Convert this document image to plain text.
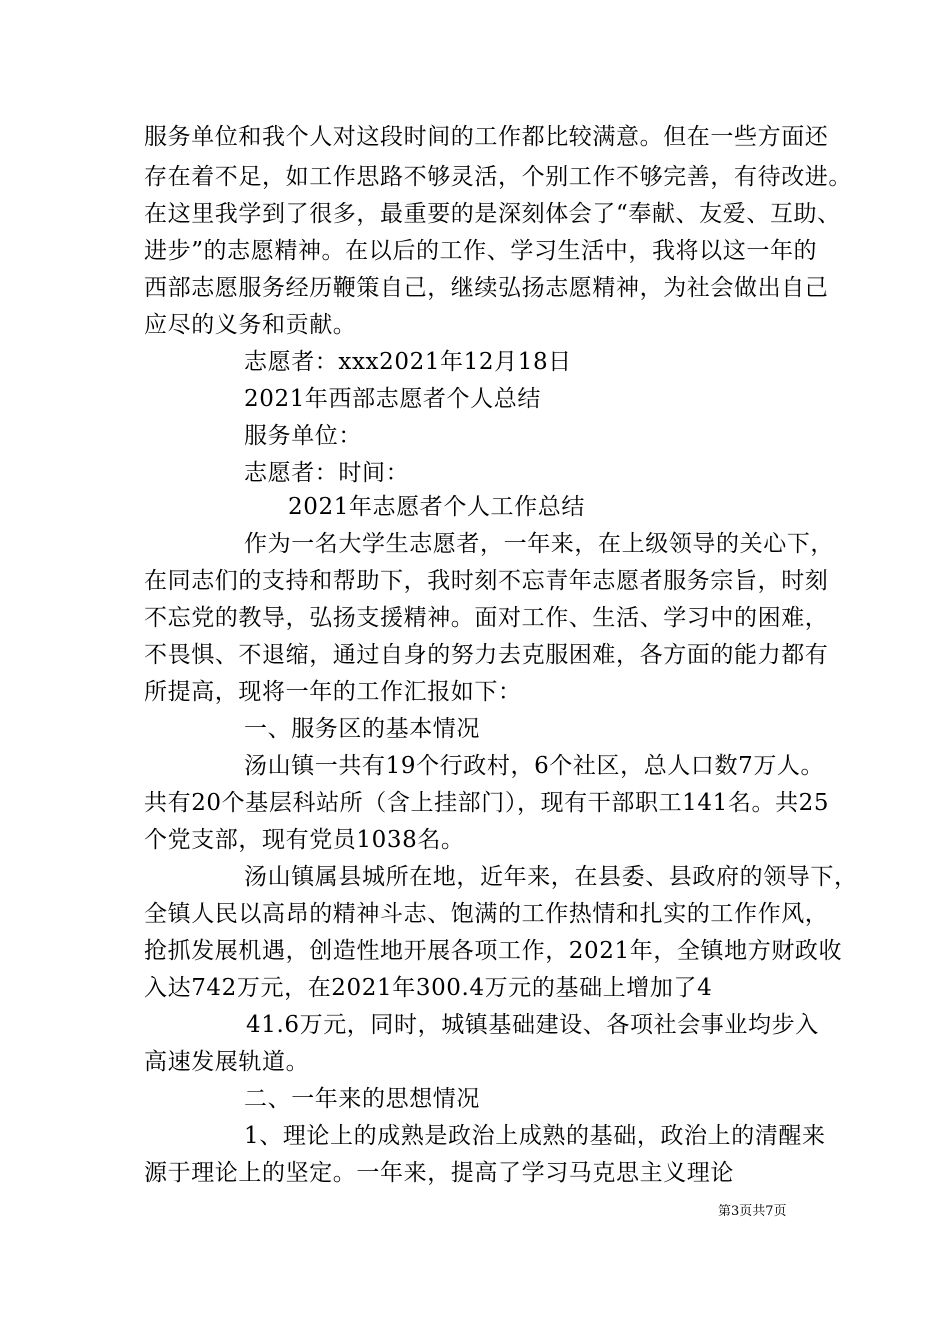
服务单位和我个人对这段时间的工作都比较满意。但在一些方面还
存在着不足，如工作思路不够灵活，个别工作不够完善，有待改进。
在这里我学到了很多，最重要的是深刻体会了“奉献、友爱、互助、
进步”的志愿精神。在以后的工作、学习生活中，我将以这一年的
西部志愿服务经历鞭策自己，继续弘扬志愿精神，为社会做出自己
应尽的义务和贡献。
志愿者：xxx2021年12月18日
2021年西部志愿者个人总结
服务单位：
志愿者：时间：
2021年志愿者个人工作总结
作为一名大学生志愿者，一年来，在上级领导的关心下，
在同志们的支持和帮助下，我时刻不忘青年志愿者服务宗旨，时刻
不忘党的教导，弘扬支援精神。面对工作、生活、学习中的困难，
不畏惧、不退缩，通过自身的努力去克服困难，各方面的能力都有
所提高，现将一年的工作汇报如下：
一、服务区的基本情况
汤山镇一共有19个行政村，6个社区，总人口数7万人。
共有20个基层科站所（含上挂部门），现有干部职工141名。共25
个党支部，现有党员1038名。
汤山镇属县城所在地，近年来，在县委、县政府的领导下，
全镇人民以高昂的精神斗志、饱满的工作热情和扎实的工作作风，
抢抓发展机遇，创造性地开展各项工作，2021年，全镇地方财政收
入达742万元，在2021年300.4万元的基础上增加了4
41.6万元，同时，城镇基础建设、各项社会事业均步入
高速发展轨道。
二、一年来的思想情况
1、理论上的成熟是政治上成熟的基础，政治上的清醒来
源于理论上的坚定。一年来，提高了学习马克思主义理论
第3页共7页
